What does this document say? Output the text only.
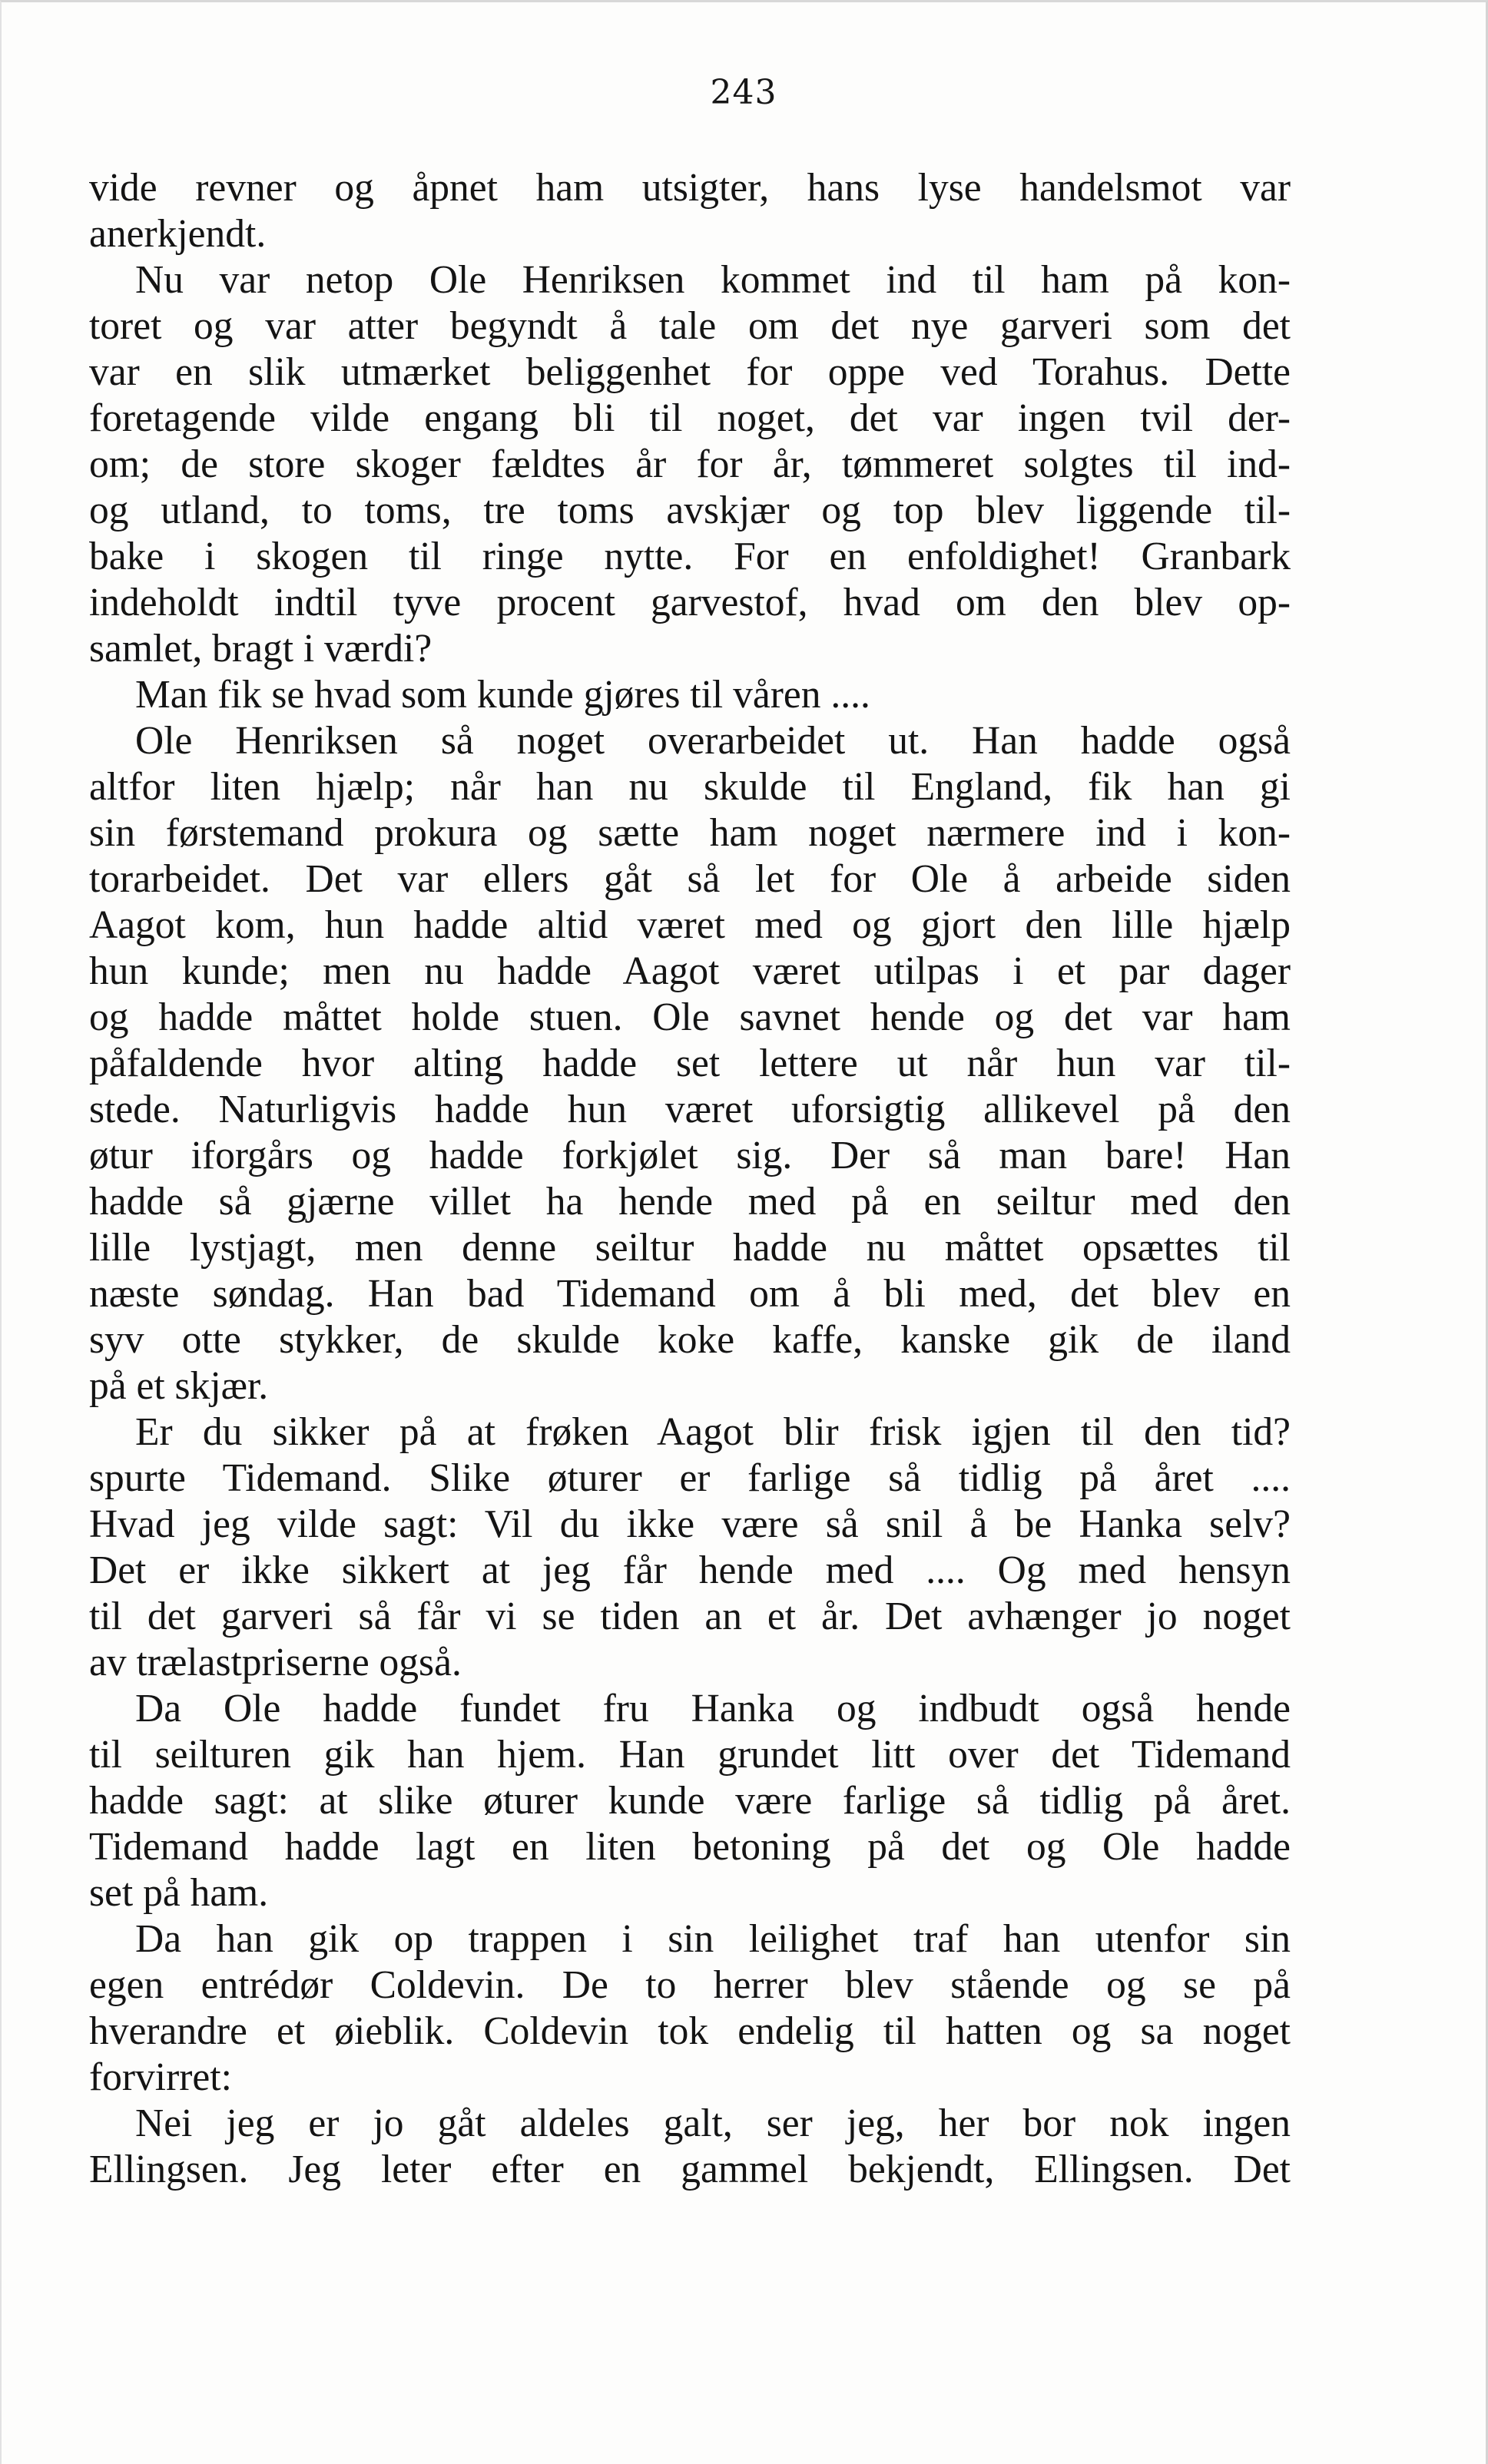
243
vide revner og åpnet ham utsigter, hans lyse handelsmot var
anerkjendt.
Nu var netop Ole Henriksen kommet ind til ham på kon-
toret og var atter begyndt å tale om det nye garveri som det
var en slik utmærket beliggenhet for oppe ved Torahus. Dette
foretagende vilde engang bli til noget, det var ingen tvil der-
om; de store skoger fældtes år for år, tømmeret solgtes til ind-
og utland, to toms, tre toms avskjær og top blev liggende til-
bake i skogen til ringe nytte. For en enfoldighet! Granbark
indeholdt indtil tyve procent garvestof, hvad om den blev op-
samlet, bragt i værdi?
Man fik se hvad som kunde gjøres til våren ....
Ole Henriksen så noget overarbeidet ut. Han hadde også
altfor liten hjælp; når han nu skulde til England, fik han gi
sin førstemand prokura og sætte ham noget nærmere ind i kon-
torarbeidet. Det var ellers gåt så let for Ole å arbeide siden
Aagot kom, hun hadde altid været med og gjort den lille hjælp
hun kunde; men nu hadde Aagot været utilpas i et par dager
og hadde måttet holde stuen. Ole savnet hende og det var ham
påfaldende hvor alting hadde set lettere ut når hun var til-
stede. Naturligvis hadde hun været uforsigtig allikevel på den
øtur iforgårs og hadde forkjølet sig. Der så man bare! Han
hadde så gjærne villet ha hende med på en seiltur med den
lille lystjagt, men denne seiltur hadde nu måttet opsættes til
næste søndag. Han bad Tidemand om å bli med, det blev en
syv otte stykker, de skulde koke kaffe, kanske gik de iland
på et skjær.
Er du sikker på at frøken Aagot blir frisk igjen til den tid?
spurte Tidemand. Slike øturer er farlige så tidlig på året ....
Hvad jeg vilde sagt: Vil du ikke være så snil å be Hanka selv?
Det er ikke sikkert at jeg får hende med .... Og med hensyn
til det garveri så får vi se tiden an et år. Det avhænger jo noget
av trælastpriserne også.
Da Ole hadde fundet fru Hanka og indbudt også hende
til seilturen gik han hjem. Han grundet litt over det Tidemand
hadde sagt: at slike øturer kunde være farlige så tidlig på året.
Tidemand hadde lagt en liten betoning på det og Ole hadde
set på ham.
Da han gik op trappen i sin leilighet traf han utenfor sin
egen entrédør Coldevin. De to herrer blev stående og se på
hverandre et øieblik. Coldevin tok endelig til hatten og sa noget
forvirret:
Nei jeg er jo gåt aldeles galt, ser jeg, her bor nok ingen
Ellingsen. Jeg leter efter en gammel bekjendt, Ellingsen. Det
